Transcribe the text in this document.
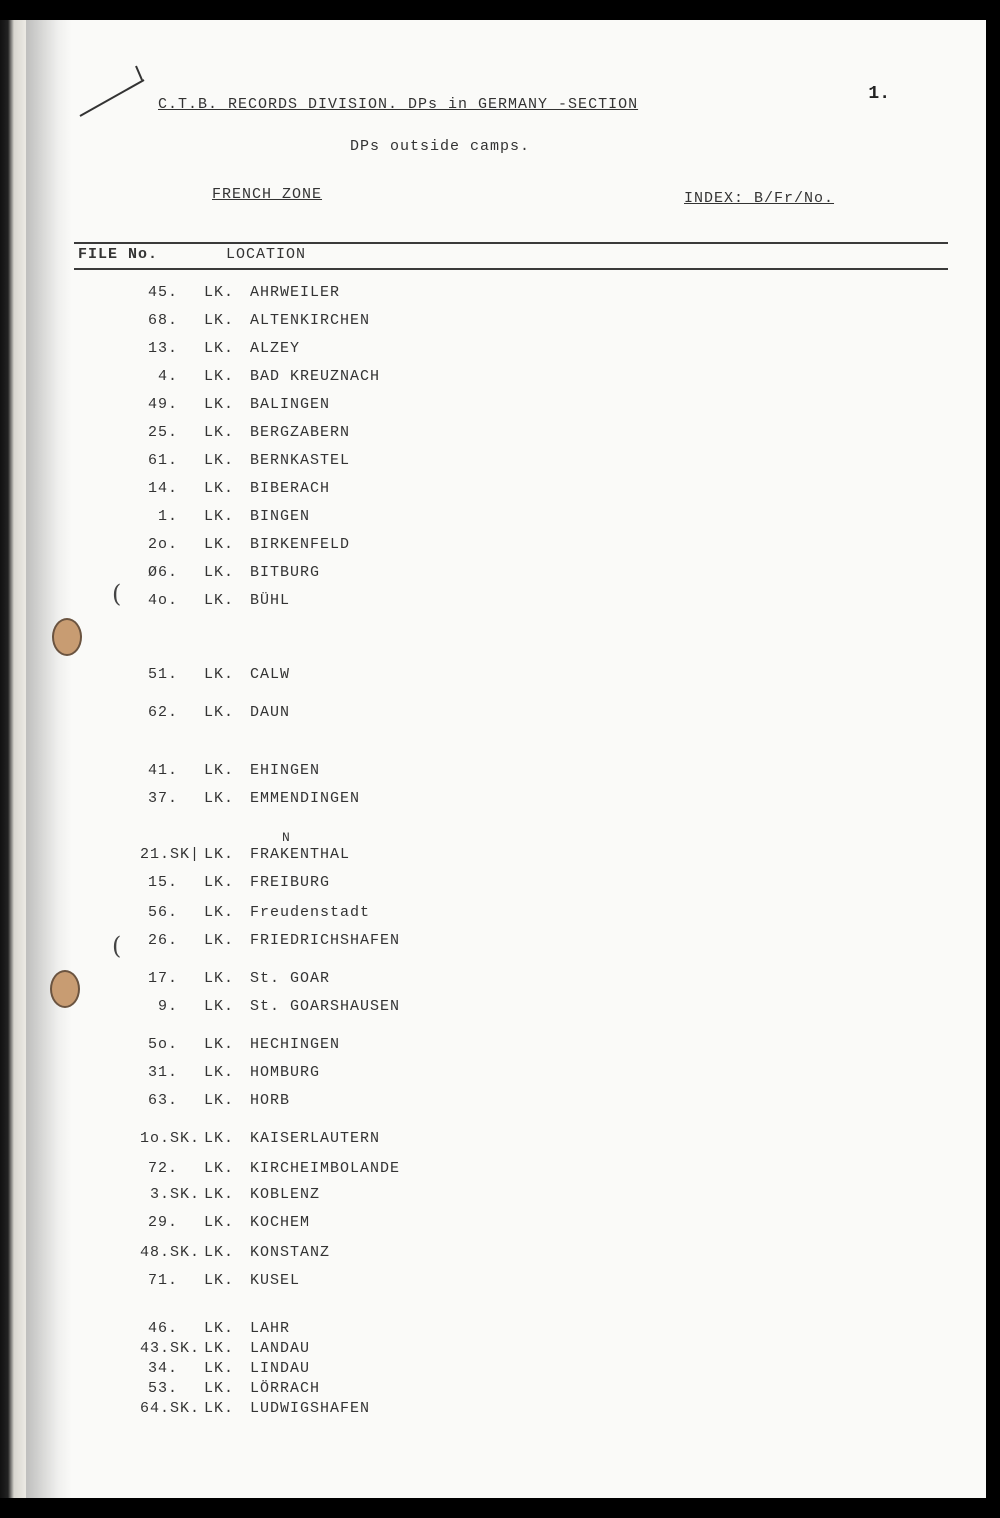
(
(
C.T.B. RECORDS DIVISION. DPs in GERMANY -SECTION
1.
DPs outside camps.
FRENCH ZONE	INDEX: B/Fr/No.
FILE No.	LOCATION
N
45. LK. AHRWEILER
68. LK. ALTENKIRCHEN
13. LK. ALZEY
4. LK. BAD KREUZNACH
49. LK. BALINGEN
25. LK. BERGZABERN
61. LK. BERNKASTEL
14. LK. BIBERACH
1. LK. BINGEN
2o. LK. BIRKENFELD
Ø6. LK. BITBURG
4o. LK. BÜHL
51. LK. CALW
62. LK. DAUN
41. LK. EHINGEN
37. LK. EMMENDINGEN
21.SK| LK. FRAKENTHAL
15. LK. FREIBURG
56. LK. Freudenstadt
26. LK. FRIEDRICHSHAFEN
17. LK. St. GOAR
9. LK. St. GOARSHAUSEN
5o. LK. HECHINGEN
31. LK. HOMBURG
63. LK. HORB
1o.SK. LK. KAISERLAUTERN
72. LK. KIRCHEIMBOLANDE
3.SK. LK. KOBLENZ
29. LK. KOCHEM
48.SK. LK. KONSTANZ
71. LK. KUSEL
46. LK. LAHR
43.SK. LK. LANDAU
34. LK. LINDAU
53. LK. LÖRRACH
64.SK. LK. LUDWIGSHAFEN
